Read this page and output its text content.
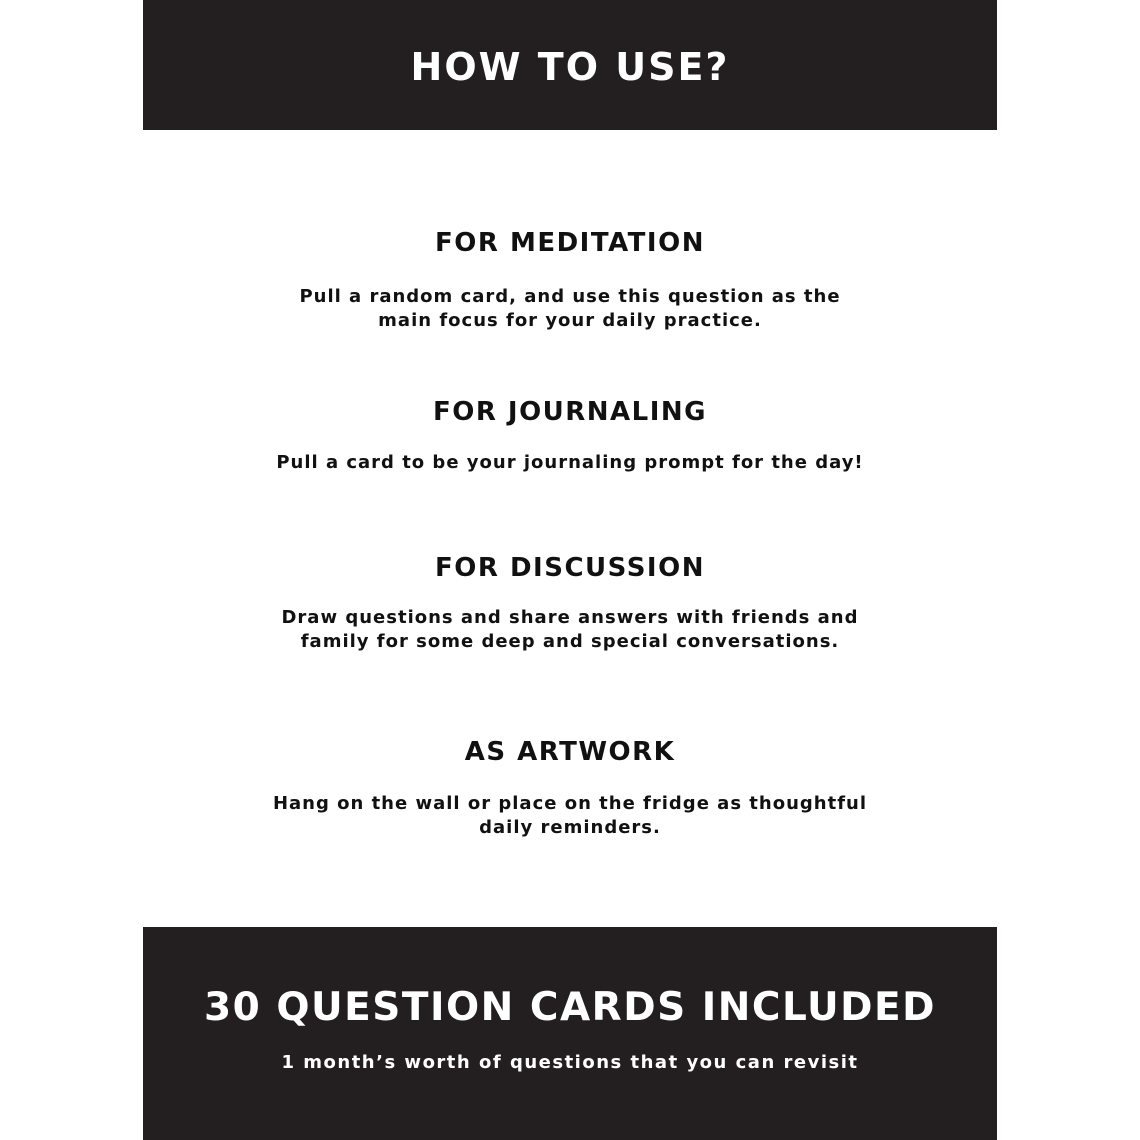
HOW TO USE?
FOR MEDITATION

Pull a random card, and use this question as the
main focus for your daily practice.

FOR JOURNALING

Pull a card to be your journaling prompt for the day!

FOR DISCUSSION

Draw questions and share answers with friends and
family for some deep and special conversations.

AS ARTWORK

Hang on the wall or place on the fridge as thoughtful
daily reminders.

30 QUESTION CARDS INCLUDED

1 month’s worth of questions that you can revisit
